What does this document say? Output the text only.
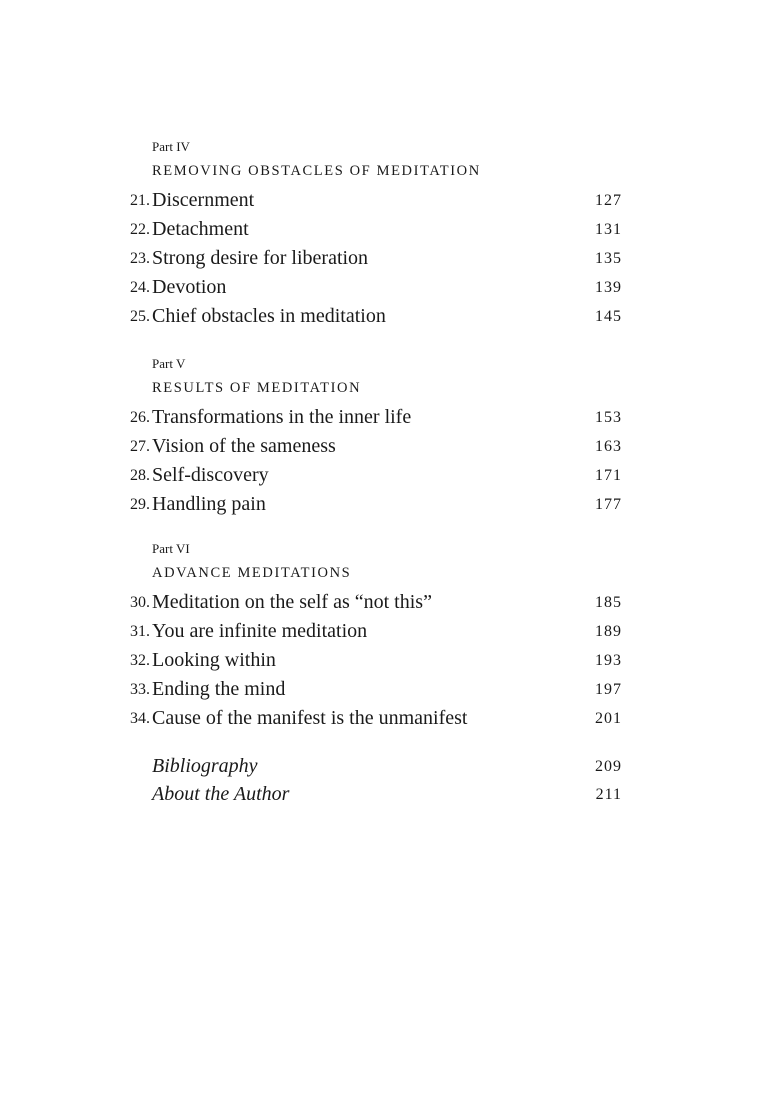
Part IV
REMOVING OBSTACLES OF MEDITATION
21. Discernment	127
22. Detachment	131
23. Strong desire for liberation	135
24. Devotion	139
25. Chief obstacles in meditation	145
Part V
RESULTS OF MEDITATION
26. Transformations in the inner life	153
27. Vision of the sameness	163
28. Self-discovery	171
29. Handling pain	177
Part VI
ADVANCE MEDITATIONS
30. Meditation on the self as “not this”	185
31. You are infinite meditation	189
32. Looking within	193
33. Ending the mind	197
34. Cause of the manifest is the unmanifest	201
Bibliography	209
About the Author	211
